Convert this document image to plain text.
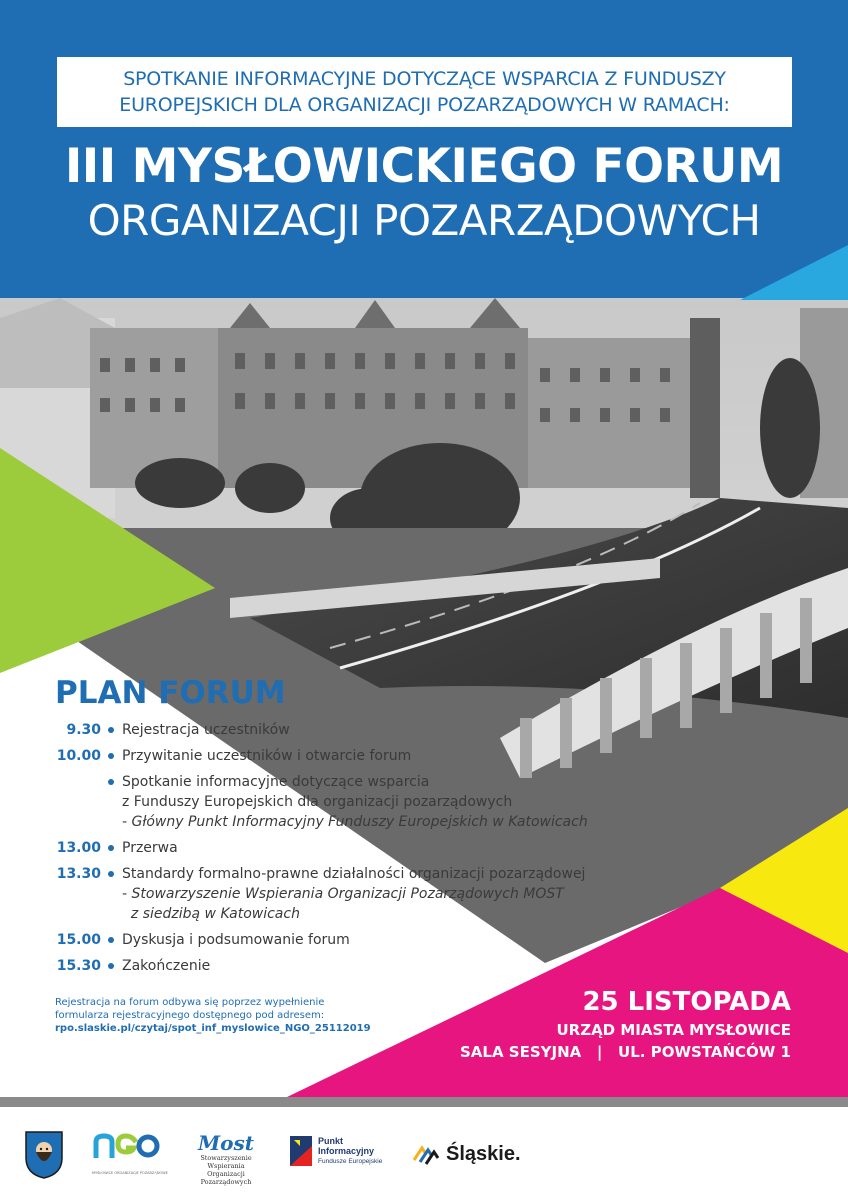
SPOTKANIE INFORMACYJNE DOTYCZĄCE WSPARCIA Z FUNDUSZY
EUROPEJSKICH DLA ORGANIZACJI POZARZĄDOWYCH W RAMACH:
III MYSŁOWICKIEGO FORUM
ORGANIZACJI POZARZĄDOWYCH
PLAN FORUM
9.30 Rejestracja uczestników
10.00 Przywitanie uczestników i otwarcie forum
Spotkanie informacyjne dotyczące wsparcia
z Funduszy Europejskich dla organizacji pozarządowych
- Główny Punkt Informacyjny Funduszy Europejskich w Katowicach
13.00 Przerwa
13.30 Standardy formalno-prawne działalności organizacji pozarządowej
- Stowarzyszenie Wspierania Organizacji Pozarządowych MOST
z siedzibą w Katowicach
15.00 Dyskusja i podsumowanie forum
15.30 Zakończenie
Rejestracja na forum odbywa się poprzez wypełnienie
formularza rejestracyjnego dostępnego pod adresem:
rpo.slaskie.pl/czytaj/spot_inf_myslowice_NGO_25112019
25 LISTOPADA
URZĄD MIASTA MYSŁOWICE
SALA SESYJNA   |   UL. POWSTAŃCÓW 1
MYSŁOWICE ORGANIZACJE POZARZĄDOWE
Most
Stowarzyszenie Wspierania
Organizacji Pozarządowych
Punkt
Informacyjny
Fundusze Europejskie	Śląskie.
